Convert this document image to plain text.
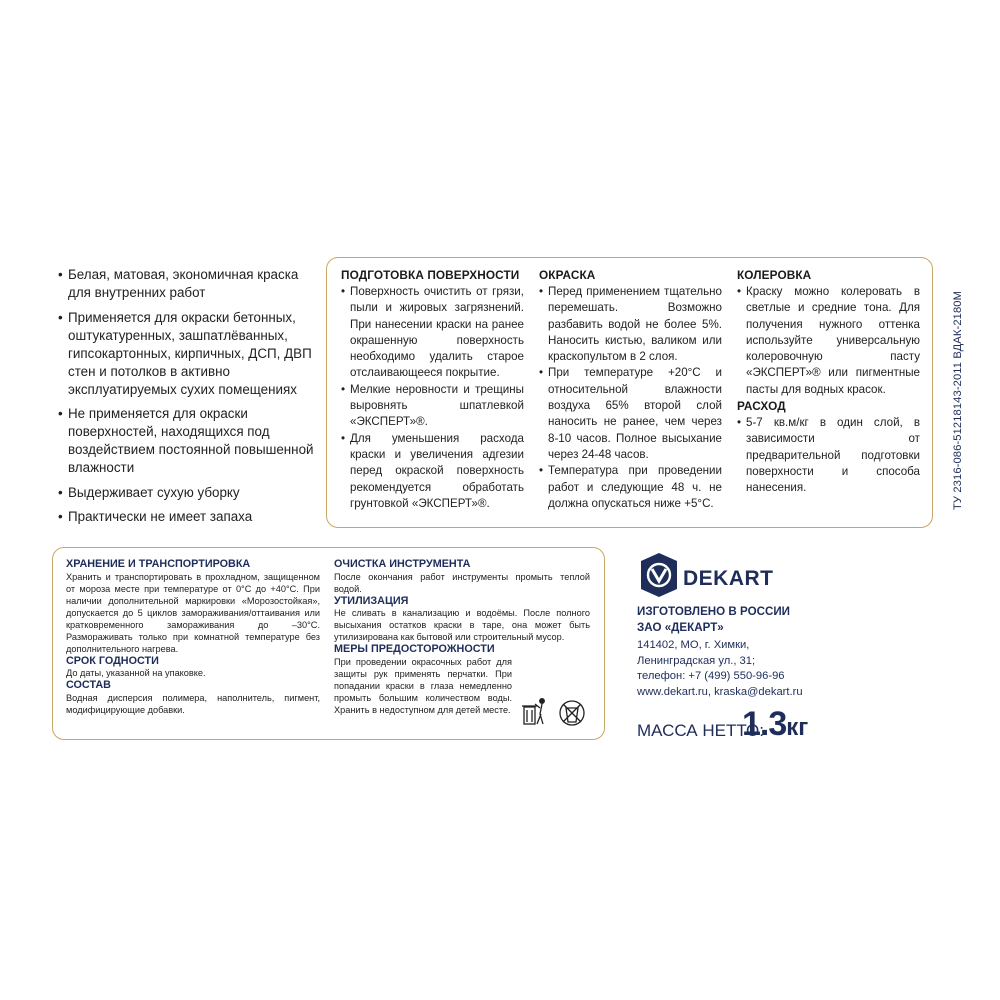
• Белая, матовая, экономичная краска для внутренних работ
• Применяется для окраски бетонных, оштукатуренных, зашпатлёванных, гипсокартонных, кирпичных, ДСП, ДВП стен и потолков в активно эксплуатируемых сухих помещениях
• Не применяется для окраски поверхностей, находящихся под воздействием постоянной повышенной влажности
• Выдерживает сухую уборку
• Практически не имеет запаха
ПОДГОТОВКА ПОВЕРХНОСТИ
• Поверхность очистить от грязи, пыли и жировых загрязнений. При нанесении краски на ранее окрашенную поверхность необходимо удалить старое отслаивающееся покрытие.
• Мелкие неровности и трещины выровнять шпатлевкой «ЭКСПЕРТ»®.
• Для уменьшения расхода краски и увеличения адгезии перед окраской поверхность рекомендуется обработать грунтовкой «ЭКСПЕРТ»®.
ОКРАСКА
• Перед применением тщательно перемешать. Возможно разбавить водой не более 5%. Наносить кистью, валиком или краскопультом в 2 слоя.
• При температуре +20°С и относительной влажности воздуха 65% второй слой наносить не ранее, чем через 8-10 часов. Полное высыхание через 24-48 часов.
• Температура при проведении работ и следующие 48 ч. не должна опускаться ниже +5°С.
КОЛЕРОВКА
• Краску можно колеровать в светлые и средние тона. Для получения нужного оттенка используйте универсальную колеровочную пасту «ЭКСПЕРТ»® или пигментные пасты для водных красок.
РАСХОД
• 5-7 кв.м/кг в один слой, в зависимости от предварительной подготовки поверхности и способа нанесения.
ХРАНЕНИЕ И ТРАНСПОРТИРОВКА

Хранить и транспортировать в прохладном, защищенном от мороза месте при температуре от 0°С до +40°С. При наличии дополнительной маркировки «Морозостойкая», допускается до 5 циклов замораживания/оттаивания или кратковременного замораживания до –30°С. Размораживать только при комнатной температуре без дополнительного нагрева.

СРОК ГОДНОСТИ

До даты, указанной на упаковке.

СОСТАВ

Водная дисперсия полимера, наполнитель, пигмент, модифицирующие добавки.

ОЧИСТКА ИНСТРУМЕНТА

После окончания работ инструменты промыть теплой водой.

УТИЛИЗАЦИЯ

Не сливать в канализацию и водоёмы. После полного высыхания остатков краски в таре, она может быть утилизирована как бытовой или строительный мусор.

МЕРЫ ПРЕДОСТОРОЖНОСТИ

При проведении окрасочных работ для защиты рук применять перчатки. При попадании краски в глаза немедленно промыть большим количеством воды. Хранить в недоступном для детей месте.

DEKART
ИЗГОТОВЛЕНО В РОССИИ
ЗАО «ДЕКАРТ»
141402, МО, г. Химки,
Ленинградская ул., 31;
телефон: +7 (499) 550-96-96
www.dekart.ru, kraska@dekart.ru
МАССА НЕТТО:
1.3кг
ТУ 2316-086-51218143-2011 ВДАК-2180М
